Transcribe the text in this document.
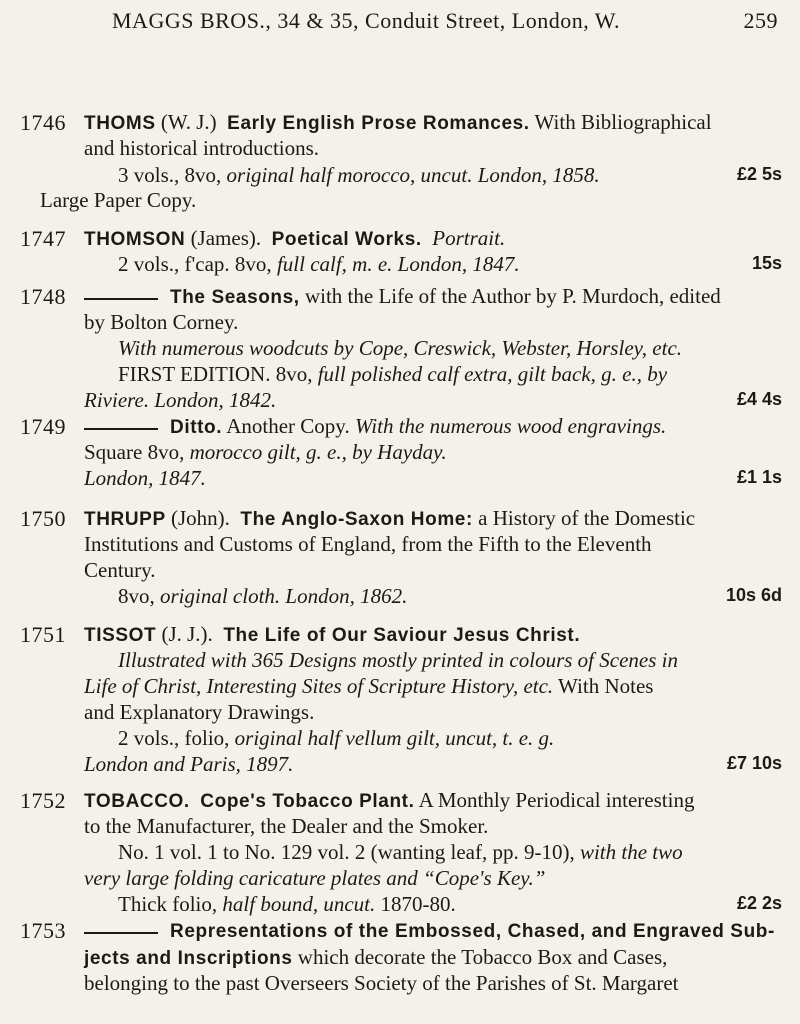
MAGGS BROS., 34 & 35, Conduit Street, London, W.	259
1746 THOMS (W. J.) Early English Prose Romances. With Bibliographical
and historical introductions.
3 vols., 8vo, original half morocco, uncut. London, 1858.	£2 5s
Large Paper Copy.
1747 THOMSON (James). Poetical Works. Portrait.
2 vols., f'cap. 8vo, full calf, m. e. London, 1847.	15s
1748	The Seasons, with the Life of the Author by P. Murdoch, edited
by Bolton Corney.
With numerous woodcuts by Cope, Creswick, Webster, Horsley, etc.
FIRST EDITION. 8vo, full polished calf extra, gilt back, g. e., by
Riviere. London, 1842.	£4 4s
1749	Ditto. Another Copy. With the numerous wood engravings.
Square 8vo, morocco gilt, g. e., by Hayday.
London, 1847.	£1 1s
1750 THRUPP (John). The Anglo-Saxon Home: a History of the Domestic
Institutions and Customs of England, from the Fifth to the Eleventh
Century.
8vo, original cloth. London, 1862.	10s 6d
1751 TISSOT (J. J.). The Life of Our Saviour Jesus Christ.
Illustrated with 365 Designs mostly printed in colours of Scenes in
Life of Christ, Interesting Sites of Scripture History, etc. With Notes
and Explanatory Drawings.
2 vols., folio, original half vellum gilt, uncut, t. e. g.
London and Paris, 1897.	£7 10s
1752 TOBACCO. Cope's Tobacco Plant. A Monthly Periodical interesting
to the Manufacturer, the Dealer and the Smoker.
No. 1 vol. 1 to No. 129 vol. 2 (wanting leaf, pp. 9-10), with the two
very large folding caricature plates and “Cope's Key.”
Thick folio, half bound, uncut. 1870-80.	£2 2s
1753	Representations of the Embossed, Chased, and Engraved Sub-
jects and Inscriptions which decorate the Tobacco Box and Cases,
belonging to the past Overseers Society of the Parishes of St. Margaret
